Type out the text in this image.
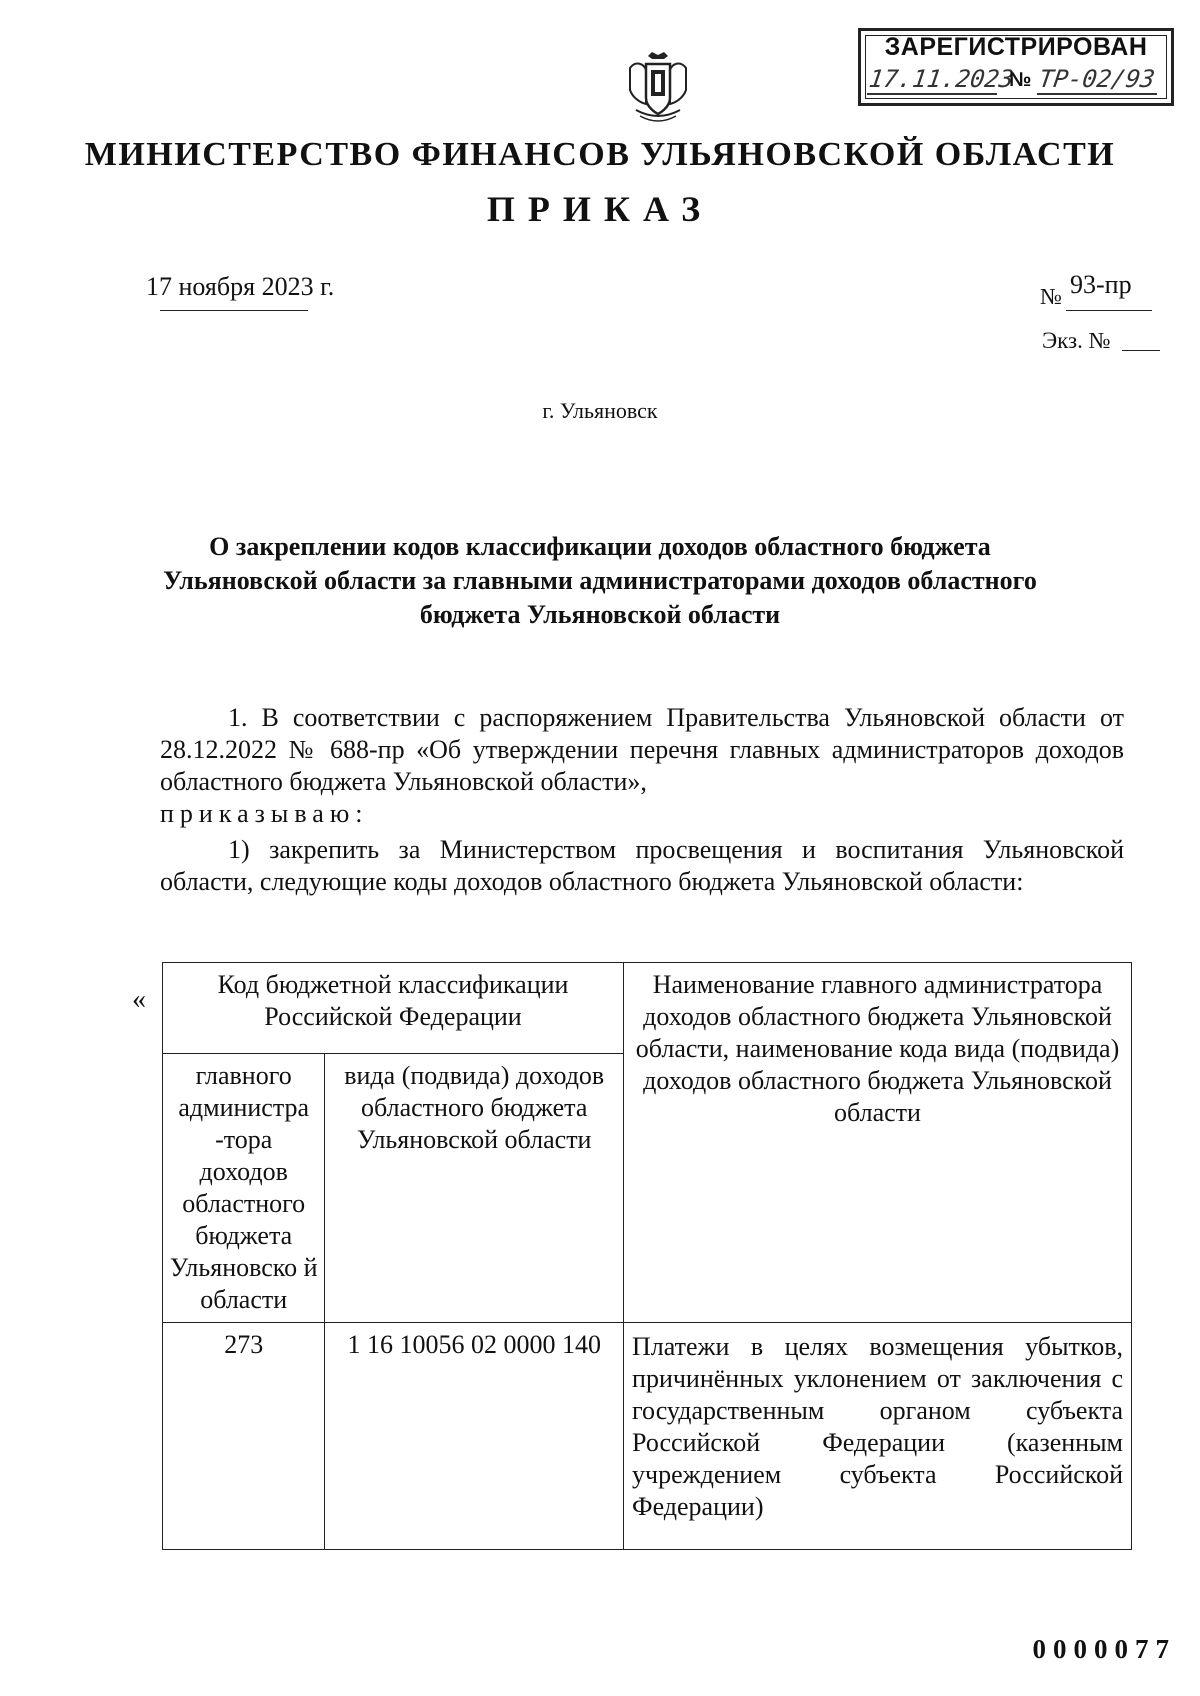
ЗАРЕГИСТРИРОВАН
17.11.2023
№ ТР-02/93
МИНИСТЕРСТВО ФИНАНСОВ УЛЬЯНОВСКОЙ ОБЛАСТИ
ПРИКАЗ
17 ноября 2023 г.	№ 93-пр
Экз. №
г. Ульяновск
О закреплении кодов классификации доходов областного бюджета Ульяновской области за главными администраторами доходов областного бюджета Ульяновской области
1. В соответствии с распоряжением Правительства Ульяновской области от 28.12.2022 № 688-пр «Об утверждении перечня главных администраторов доходов областного бюджета Ульяновской области»,
приказываю:
1) закрепить за Министерством просвещения и воспитания Ульяновской области, следующие коды доходов областного бюджета Ульяновской области:
«	Код бюджетной классификации Российской Федерации		Наименование главного администратора доходов областного бюджета Ульяновской области, наименование кода вида (подвида) доходов областного бюджета Ульяновской области
главного администра -тора доходов областного бюджета Ульяновско й области	вида (подвида) доходов областного бюджета Ульяновской области	
273	1 16 10056 02 0000 140	Платежи в целях возмещения убытков, причинённых уклонением от заключения с государственным органом субъекта Российской Федерации (казенным учреждением субъекта Российской Федерации)
0000077
